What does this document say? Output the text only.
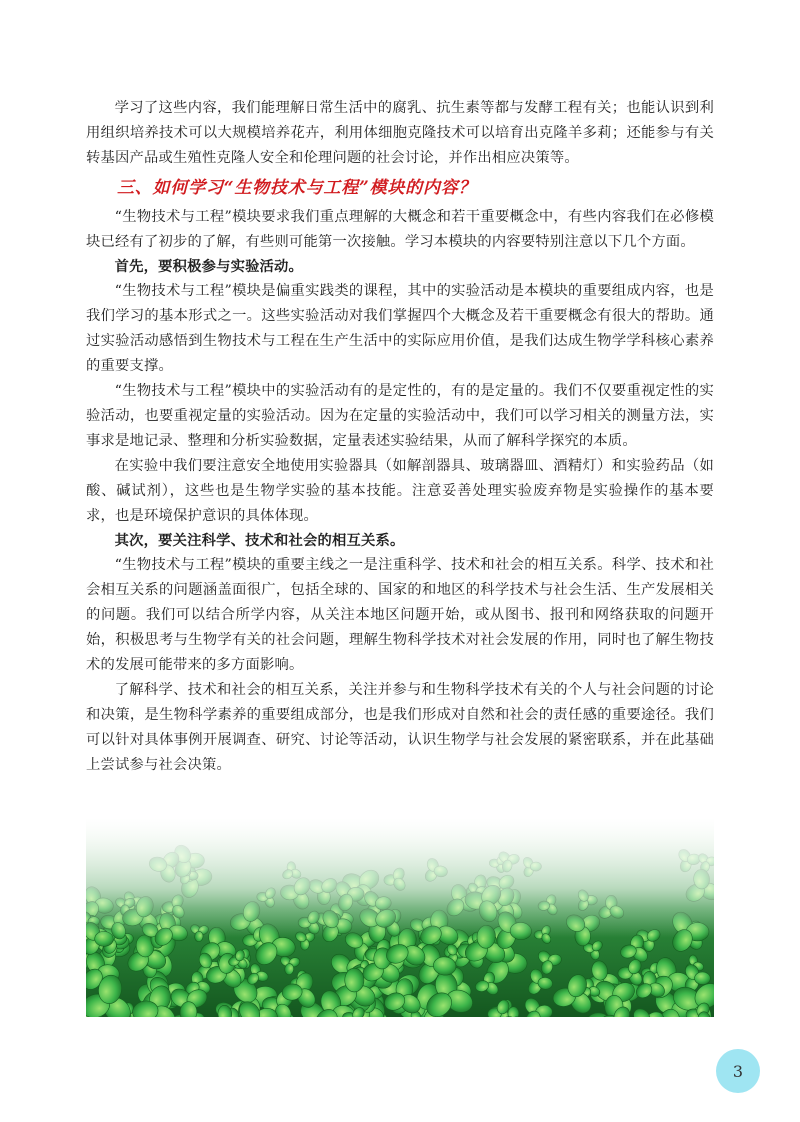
学习了这些内容，我们能理解日常生活中的腐乳、抗生素等都与发酵工程有关；也能认识到利用组织培养技术可以大规模培养花卉，利用体细胞克隆技术可以培育出克隆羊多莉；还能参与有关转基因产品或生殖性克隆人安全和伦理问题的社会讨论，并作出相应决策等。

三、如何学习“生物技术与工程”模块的内容？

“生物技术与工程”模块要求我们重点理解的大概念和若干重要概念中，有些内容我们在必修模块已经有了初步的了解，有些则可能第一次接触。学习本模块的内容要特别注意以下几个方面。

首先，要积极参与实验活动。

“生物技术与工程”模块是偏重实践类的课程，其中的实验活动是本模块的重要组成内容，也是我们学习的基本形式之一。这些实验活动对我们掌握四个大概念及若干重要概念有很大的帮助。通过实验活动感悟到生物技术与工程在生产生活中的实际应用价值，是我们达成生物学学科核心素养的重要支撑。

“生物技术与工程”模块中的实验活动有的是定性的，有的是定量的。我们不仅要重视定性的实验活动，也要重视定量的实验活动。因为在定量的实验活动中，我们可以学习相关的测量方法，实事求是地记录、整理和分析实验数据，定量表述实验结果，从而了解科学探究的本质。

在实验中我们要注意安全地使用实验器具（如解剖器具、玻璃器皿、酒精灯）和实验药品（如酸、碱试剂），这些也是生物学实验的基本技能。注意妥善处理实验废弃物是实验操作的基本要求，也是环境保护意识的具体体现。

其次，要关注科学、技术和社会的相互关系。

“生物技术与工程”模块的重要主线之一是注重科学、技术和社会的相互关系。科学、技术和社会相互关系的问题涵盖面很广，包括全球的、国家的和地区的科学技术与社会生活、生产发展相关的问题。我们可以结合所学内容，从关注本地区问题开始，或从图书、报刊和网络获取的问题开始，积极思考与生物学有关的社会问题，理解生物科学技术对社会发展的作用，同时也了解生物技术的发展可能带来的多方面影响。

了解科学、技术和社会的相互关系，关注并参与和生物科学技术有关的个人与社会问题的讨论和决策，是生物科学素养的重要组成部分，也是我们形成对自然和社会的责任感的重要途径。我们可以针对具体事例开展调查、研究、讨论等活动，认识生物学与社会发展的紧密联系，并在此基础上尝试参与社会决策。

3
